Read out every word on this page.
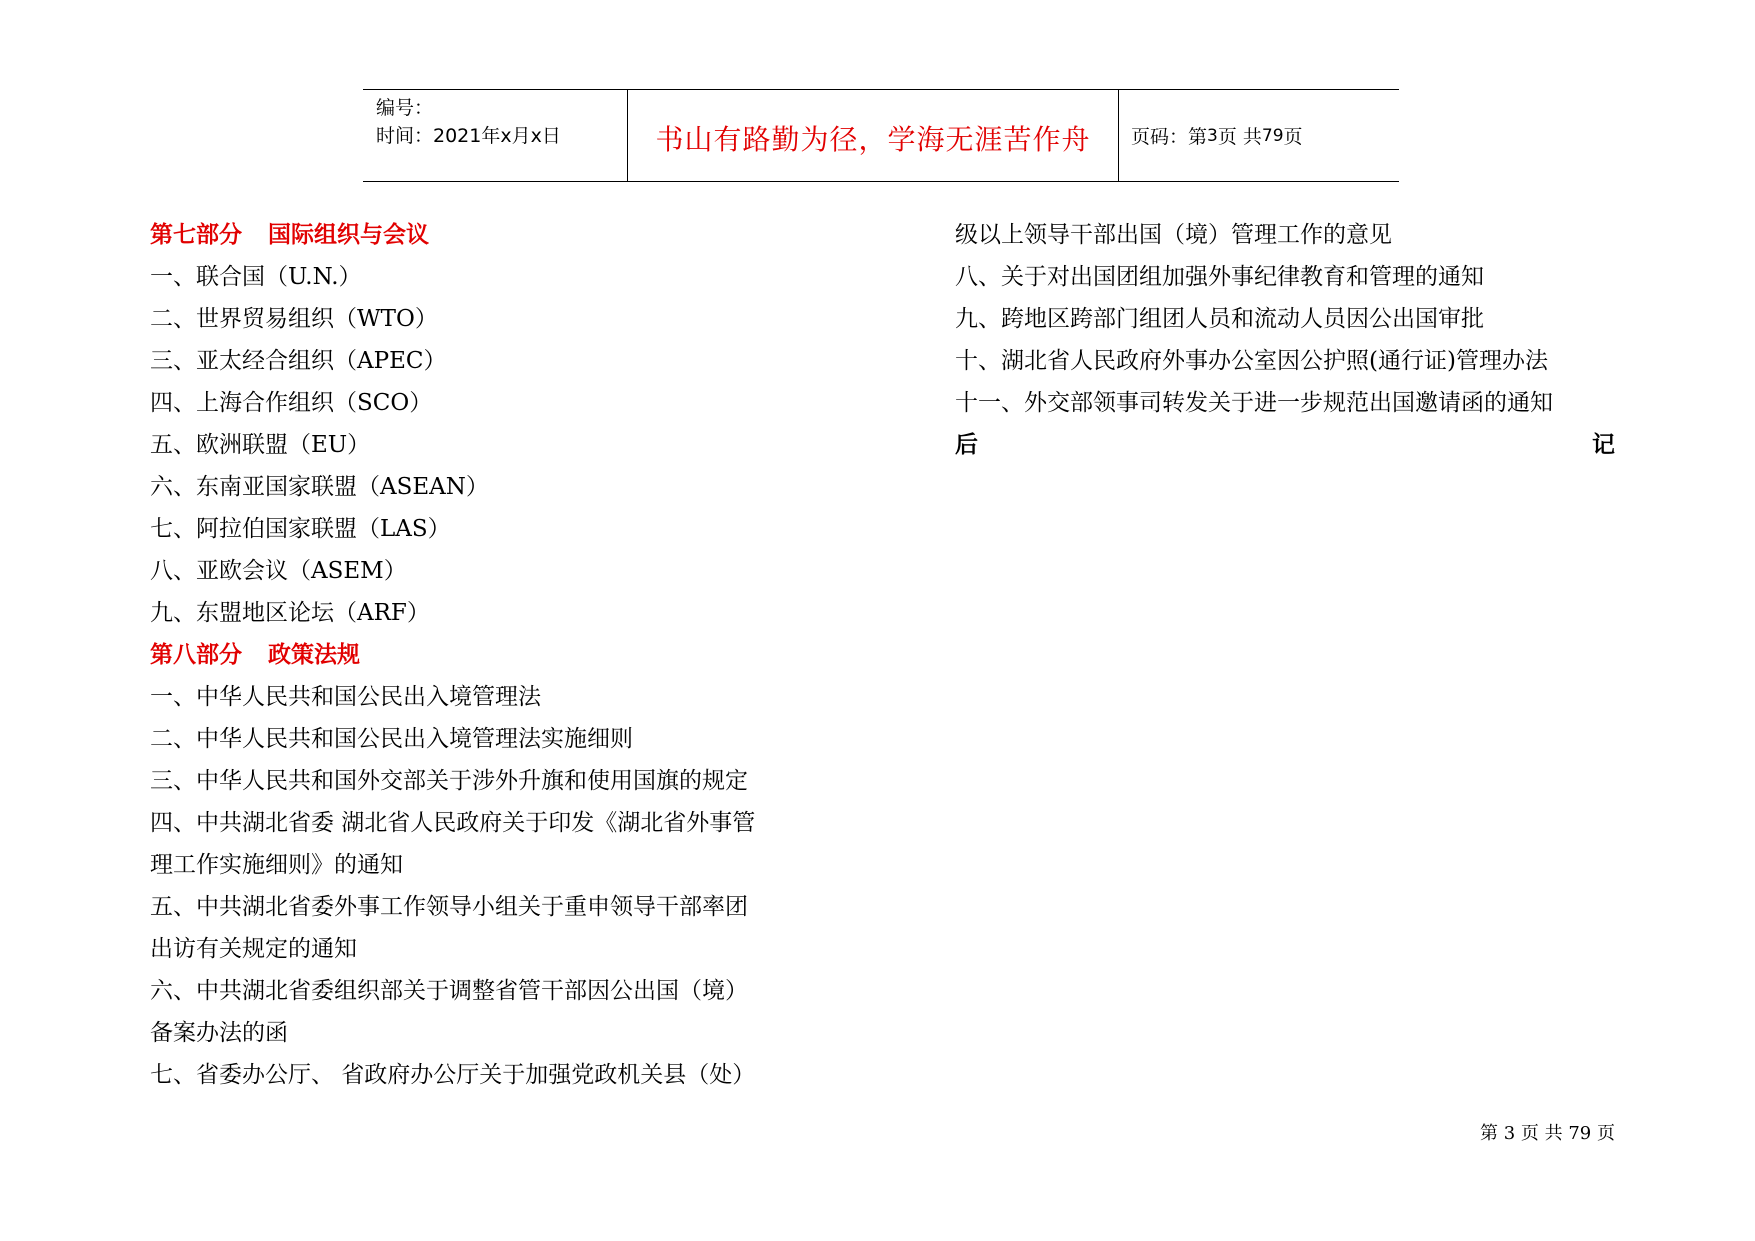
编号：
时间：2021年x月x日	书山有路勤为径，学海无涯苦作舟 页码：第 3 页 共 79 页
第七部分 国际组织与会议
一、联合国（U.N.）
二、世界贸易组织（WTO）
三、亚太经合组织（APEC）
四、上海合作组织（SCO）
五、欧洲联盟（EU）
六、东南亚国家联盟（ASEAN）
七、阿拉伯国家联盟（LAS）
八、亚欧会议（ASEM）
九、东盟地区论坛（ARF）
第八部分 政策法规
一、中华人民共和国公民出入境管理法
二、中华人民共和国公民出入境管理法实施细则
三、中华人民共和国外交部关于涉外升旗和使用国旗的规定
四、中共湖北省委 湖北省人民政府关于印发《湖北省外事管
理工作实施细则》的通知
五、中共湖北省委外事工作领导小组关于重申领导干部率团
出访有关规定的通知
六、中共湖北省委组织部关于调整省管干部因公出国（境）
备案办法的函
七、省委办公厅、 省政府办公厅关于加强党政机关县（处）
级以上领导干部出国（境）管理工作的意见
八、关于对出国团组加强外事纪律教育和管理的通知
九、跨地区跨部门组团人员和流动人员因公出国审批
十、湖北省人民政府外事办公室因公护照(通行证)管理办法
十一、外交部领事司转发关于进一步规范出国邀请函的通知
后	记
第 3 页 共 79 页
